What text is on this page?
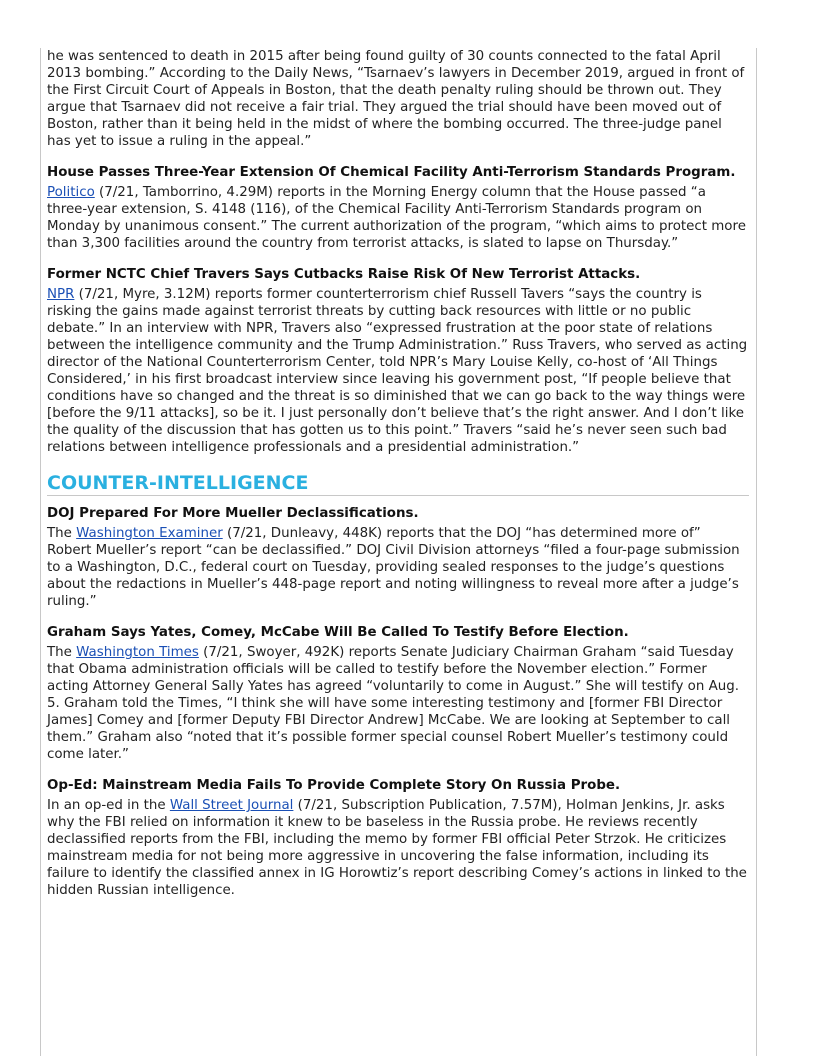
he was sentenced to death in 2015 after being found guilty of 30 counts connected to the fatal April 2013 bombing.” According to the Daily News, “Tsarnaev’s lawyers in December 2019, argued in front of the First Circuit Court of Appeals in Boston, that the death penalty ruling should be thrown out. They argue that Tsarnaev did not receive a fair trial. They argued the trial should have been moved out of Boston, rather than it being held in the midst of where the bombing occurred. The three-judge panel has yet to issue a ruling in the appeal.”

House Passes Three-Year Extension Of Chemical Facility Anti-Terrorism Standards Program.

Politico (7/21, Tamborrino, 4.29M) reports in the Morning Energy column that the House passed “a three-year extension, S. 4148 (116), of the Chemical Facility Anti-Terrorism Standards program on Monday by unanimous consent.” The current authorization of the program, “which aims to protect more than 3,300 facilities around the country from terrorist attacks, is slated to lapse on Thursday.”

Former NCTC Chief Travers Says Cutbacks Raise Risk Of New Terrorist Attacks.

NPR (7/21, Myre, 3.12M) reports former counterterrorism chief Russell Tavers “says the country is risking the gains made against terrorist threats by cutting back resources with little or no public debate.” In an interview with NPR, Travers also “expressed frustration at the poor state of relations between the intelligence community and the Trump Administration.” Russ Travers, who served as acting director of the National Counterterrorism Center, told NPR’s Mary Louise Kelly, co-host of ‘All Things Considered,’ in his first broadcast interview since leaving his government post, “If people believe that conditions have so changed and the threat is so diminished that we can go back to the way things were [before the 9/11 attacks], so be it. I just personally don’t believe that’s the right answer. And I don’t like the quality of the discussion that has gotten us to this point.” Travers “said he’s never seen such bad relations between intelligence professionals and a presidential administration.”

COUNTER-INTELLIGENCE
DOJ Prepared For More Mueller Declassifications.

The Washington Examiner (7/21, Dunleavy, 448K) reports that the DOJ “has determined more of” Robert Mueller’s report “can be declassified.” DOJ Civil Division attorneys “filed a four-page submission to a Washington, D.C., federal court on Tuesday, providing sealed responses to the judge’s questions about the redactions in Mueller’s 448-page report and noting willingness to reveal more after a judge’s ruling.”

Graham Says Yates, Comey, McCabe Will Be Called To Testify Before Election.

The Washington Times (7/21, Swoyer, 492K) reports Senate Judiciary Chairman Graham “said Tuesday that Obama administration officials will be called to testify before the November election.” Former acting Attorney General Sally Yates has agreed “voluntarily to come in August.” She will testify on Aug. 5. Graham told the Times, “I think she will have some interesting testimony and [former FBI Director James] Comey and [former Deputy FBI Director Andrew] McCabe. We are looking at September to call them.” Graham also “noted that it’s possible former special counsel Robert Mueller’s testimony could come later.”

Op-Ed: Mainstream Media Fails To Provide Complete Story On Russia Probe.

In an op-ed in the Wall Street Journal (7/21, Subscription Publication, 7.57M), Holman Jenkins, Jr. asks why the FBI relied on information it knew to be baseless in the Russia probe. He reviews recently declassified reports from the FBI, including the memo by former FBI official Peter Strzok. He criticizes mainstream media for not being more aggressive in uncovering the false information, including its failure to identify the classified annex in IG Horowtiz’s report describing Comey’s actions in linked to the hidden Russian intelligence.
